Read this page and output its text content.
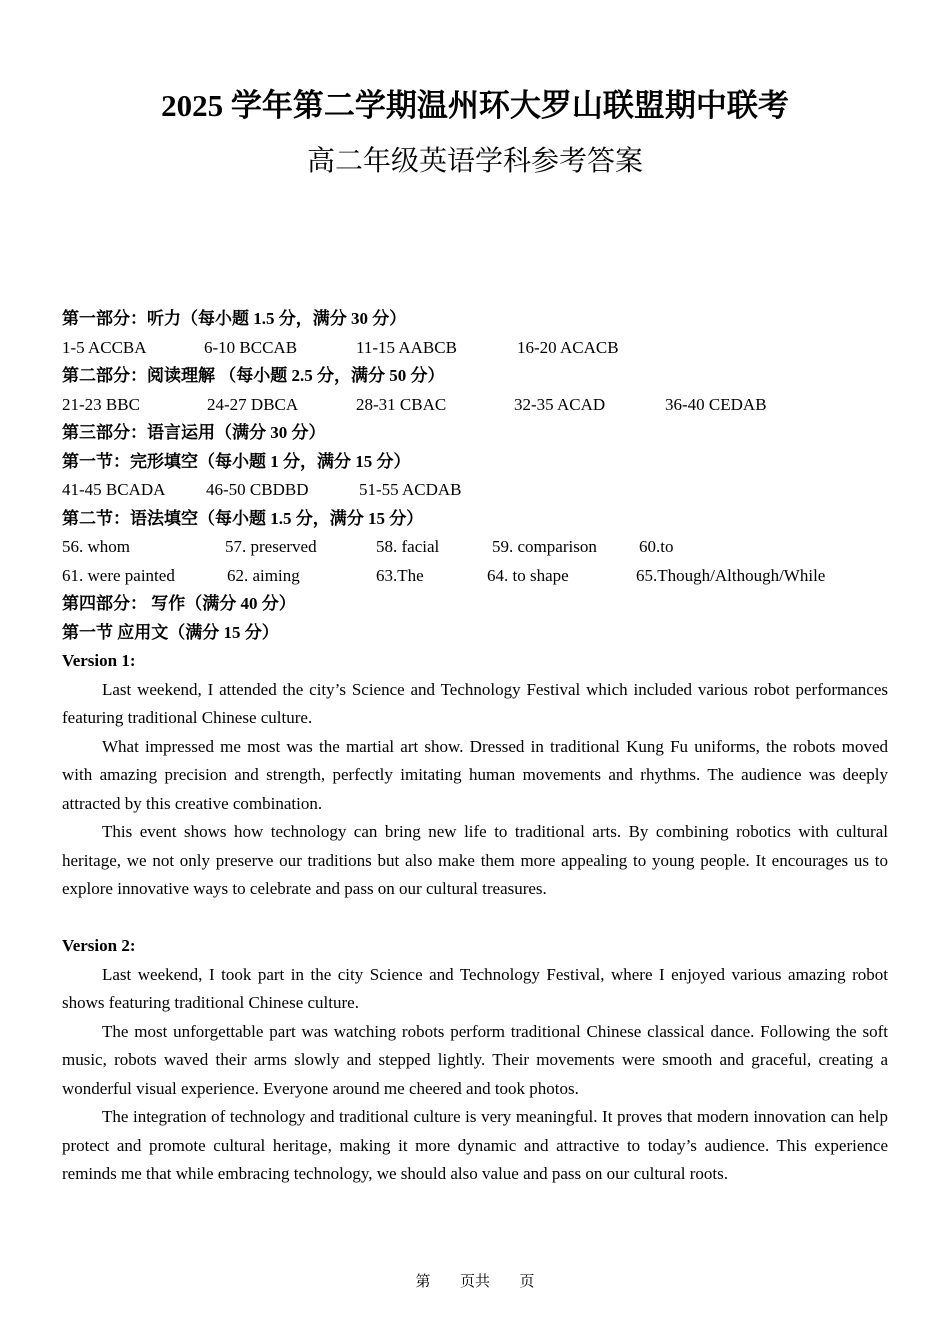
2025 学年第二学期温州环大罗山联盟期中联考
高二年级英语学科参考答案
第一部分：听力（每小题 1.5 分，满分 30 分）
1-5 ACCBA	6-10 BCCAB	11-15 AABCB	16-20 ACACB
第二部分：阅读理解 （每小题 2.5 分，满分 50 分）
21-23 BBC	24-27 DBCA	28-31 CBAC	32-35 ACAD	36-40 CEDAB
第三部分：语言运用（满分 30 分）
第一节：完形填空（每小题 1 分，满分 15 分）
41-45 BCADA 46-50 CBDBD	51-55 ACDAB
第二节：语法填空（每小题 1.5 分，满分 15 分）
56. whom	57. preserved	58. facial	59. comparison 60.to
61. were painted	62. aiming	63.The	64. to shape	65.Though/Although/While
第四部分： 写作（满分 40 分）
第一节 应用文（满分 15 分）
Version 1:

Last weekend, I attended the city’s Science and Technology Festival which included various robot performances featuring traditional Chinese culture.

What impressed me most was the martial art show. Dressed in traditional Kung Fu uniforms, the robots moved with amazing precision and strength, perfectly imitating human movements and rhythms. The audience was deeply attracted by this creative combination.

This event shows how technology can bring new life to traditional arts. By combining robotics with cultural heritage, we not only preserve our traditions but also make them more appealing to young people. It encourages us to explore innovative ways to celebrate and pass on our cultural treasures.

Version 2:

Last weekend, I took part in the city Science and Technology Festival, where I enjoyed various amazing robot shows featuring traditional Chinese culture.

The most unforgettable part was watching robots perform traditional Chinese classical dance. Following the soft music, robots waved their arms slowly and stepped lightly. Their movements were smooth and graceful, creating a wonderful visual experience. Everyone around me cheered and took photos.

The integration of technology and traditional culture is very meaningful. It proves that modern innovation can help protect and promote cultural heritage, making it more dynamic and attractive to today’s audience. This experience reminds me that while embracing technology, we should also value and pass on our cultural roots.

第 页共 页
